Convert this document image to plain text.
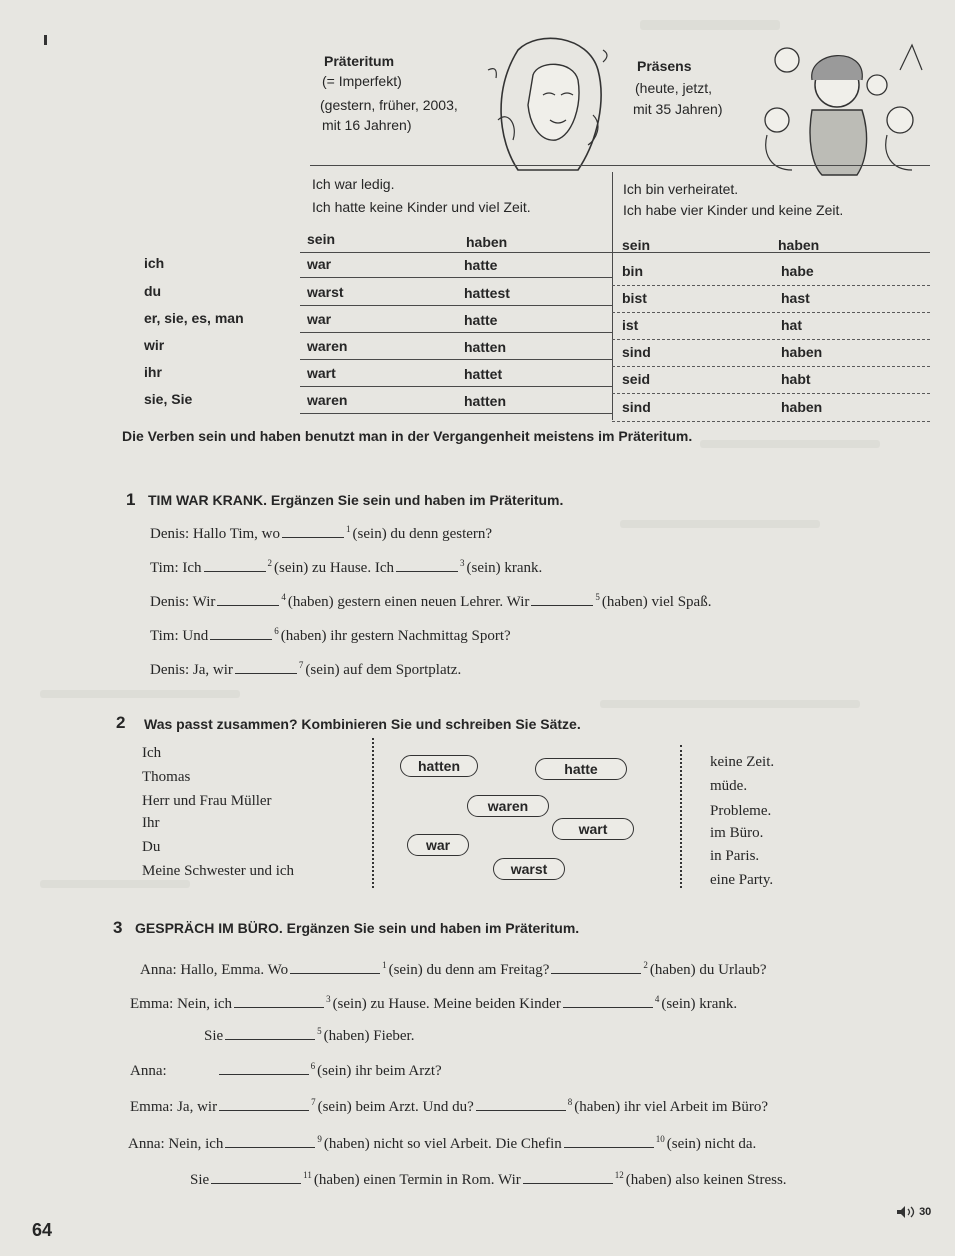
Präteritum
(= Imperfekt)
(gestern, früher, 2003,
mit 16 Jahren)
Präsens
(heute, jetzt,
mit 35 Jahren)
Ich war ledig.
Ich hatte keine Kinder und viel Zeit.
Ich bin verheiratet.
Ich habe vier Kinder und keine Zeit.
sein	haben	sein	haben
ich	war	hatte	bin	habe
du	warst	hattest	bist	hast
er, sie, es, man	war	hatte	ist	hat
wir	waren	hatten	sind	haben
ihr	wart	hattet	seid	habt
sie, Sie	waren	hatten	sind	haben
Die Verben sein und haben benutzt man in der Vergangenheit meistens im Präteritum.
1 TIM WAR KRANK. Ergänzen Sie sein und haben im Präteritum.
Denis: Hallo Tim, wo	$^1$ (sein) du denn gestern?
Tim: Ich	$^2$ (sein) zu Hause. Ich	$^3$ (sein) krank.
Denis: Wir	$^4$ (haben) gestern einen neuen Lehrer. Wir	$^5$ (haben) viel Spaß.
Tim: Und	$^6$ (haben) ihr gestern Nachmittag Sport?
Denis: Ja, wir	$^7$ (sein) auf dem Sportplatz.
2 Was passt zusammen? Kombinieren Sie und schreiben Sie Sätze.
Ich
Thomas
Herr und Frau Müller
Ihr
Du
Meine Schwester und ich
hatten	hatte
waren
wart
war
warst
keine Zeit.
müde.
Probleme.
im Büro.
in Paris.
eine Party.
3 GESPRÄCH IM BÜRO. Ergänzen Sie sein und haben im Präteritum.
Anna: Hallo, Emma. Wo	$^1$ (sein) du denn am Freitag?	$^2$ (haben) du Urlaub?
Emma: Nein, ich	$^3$ (sein) zu Hause. Meine beiden Kinder	$^4$ (sein) krank.
Sie	$^5$ (haben) Fieber.
Anna:	$^6$ (sein) ihr beim Arzt?
Emma: Ja, wir	$^7$ (sein) beim Arzt. Und du?	$^8$ (haben) ihr viel Arbeit im Büro?
Anna: Nein, ich	$^9$ (haben) nicht so viel Arbeit. Die Chefin	$^{10}$ (sein) nicht da.
Sie	$^{11}$ (haben) einen Termin in Rom. Wir	$^{12}$ (haben) also keinen Stress.
30
64
